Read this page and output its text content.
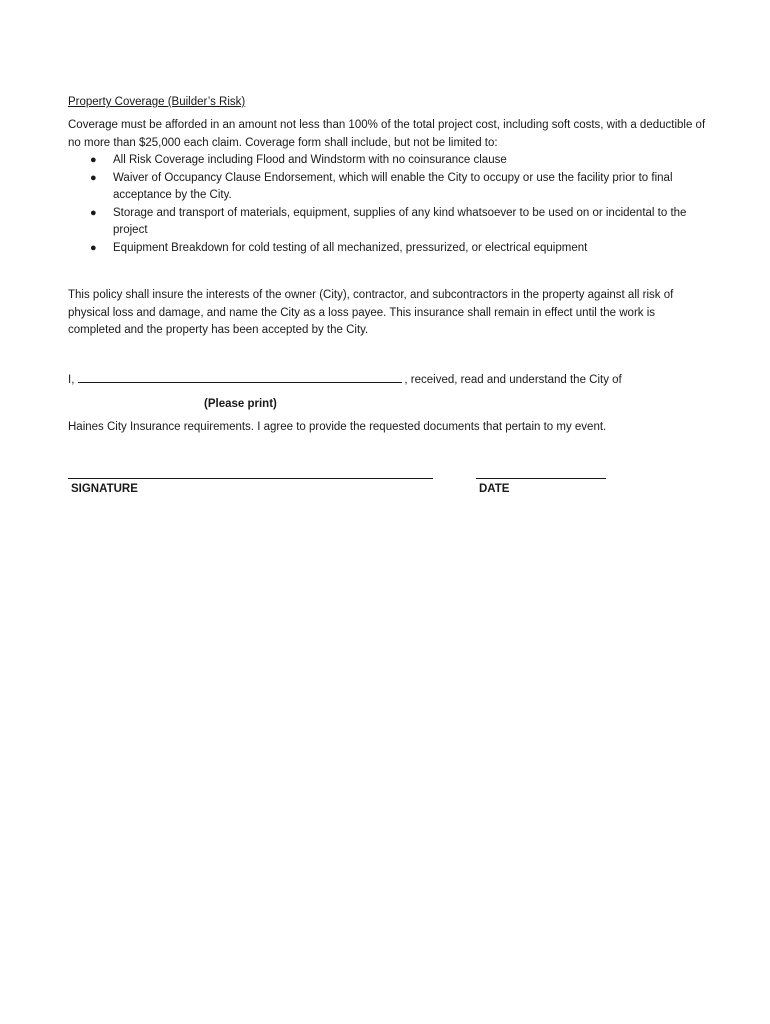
Property Coverage (Builder’s Risk)

Coverage must be afforded in an amount not less than 100% of the total project cost, including soft costs, with a deductible of no more than $25,000 each claim. Coverage form shall include, but not be limited to:

● All Risk Coverage including Flood and Windstorm with no coinsurance clause
● Waiver of Occupancy Clause Endorsement, which will enable the City to occupy or use the facility prior to final acceptance by the City.
● Storage and transport of materials, equipment, supplies of any kind whatsoever to be used on or incidental to the project
● Equipment Breakdown for cold testing of all mechanized, pressurized, or electrical equipment

This policy shall insure the interests of the owner (City), contractor, and subcontractors in the property against all risk of physical loss and damage, and name the City as a loss payee. This insurance shall remain in effect until the work is completed and the property has been accepted by the City.

I,	, received, read and understand the City of
(Please print)
Haines City Insurance requirements. I agree to provide the requested documents that pertain to my event.
SIGNATURE	DATE
